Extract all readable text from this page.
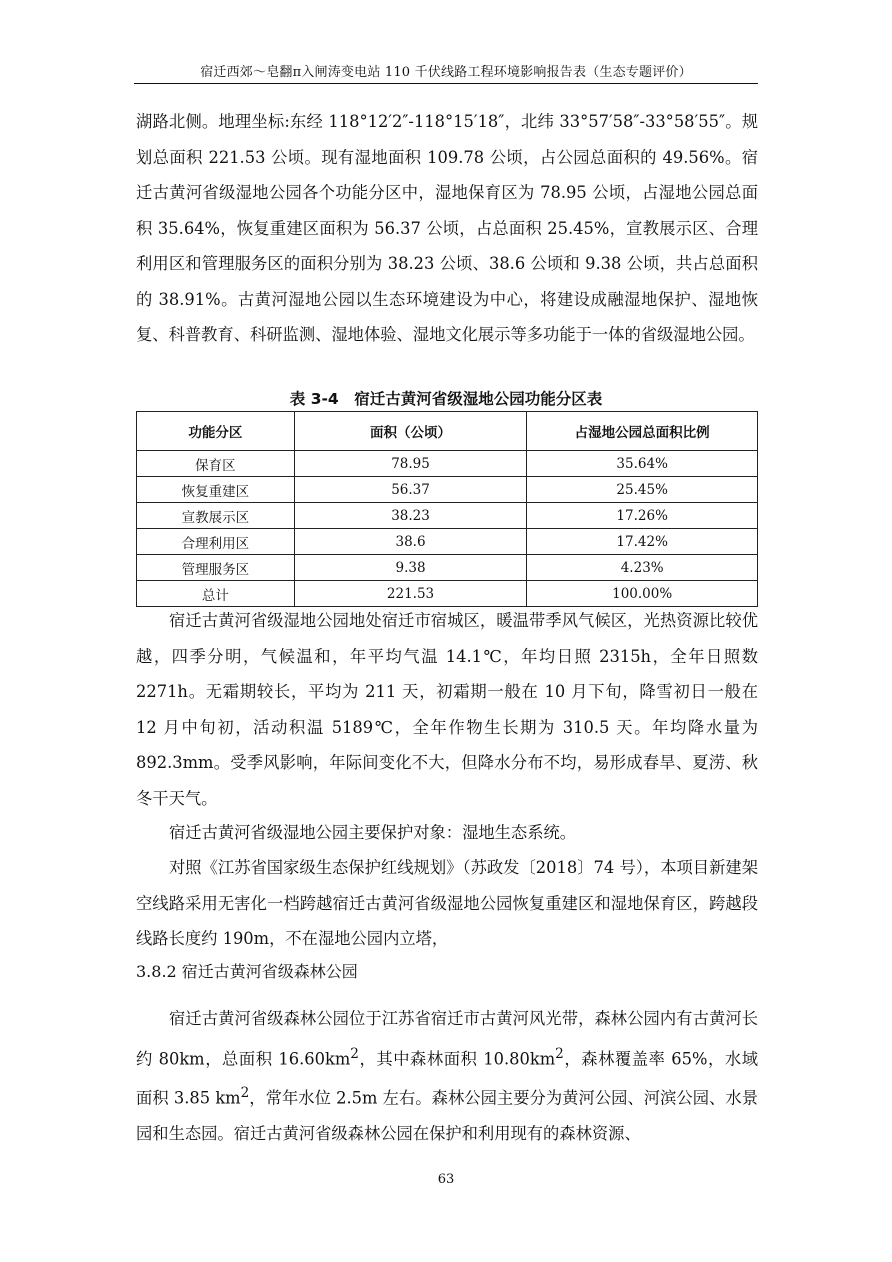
宿迁西郊～皂翻π入闸涛变电站 110 千伏线路工程环境影响报告表（生态专题评价）

湖路北侧。地理坐标:东经 118°12′2″-118°15′18″，北纬 33°57′58″-33°58′55″。规划总面积 221.53 公顷。现有湿地面积 109.78 公顷，占公园总面积的 49.56%。宿迁古黄河省级湿地公园各个功能分区中，湿地保育区为 78.95 公顷，占湿地公园总面积 35.64%，恢复重建区面积为 56.37 公顷，占总面积 25.45%，宣教展示区、合理利用区和管理服务区的面积分别为 38.23 公顷、38.6 公顷和 9.38 公顷，共占总面积的 38.91%。古黄河湿地公园以生态环境建设为中心，将建设成融湿地保护、湿地恢复、科普教育、科研监测、湿地体验、湿地文化展示等多功能于一体的省级湿地公园。

表 3-4　宿迁古黄河省级湿地公园功能分区表
功能分区	面积（公顷）	占湿地公园总面积比例
保育区	78.95	35.64%
恢复重建区	56.37	25.45%
宣教展示区	38.23	17.26%
合理利用区	38.6	17.42%
管理服务区	9.38	4.23%
总计	221.53	100.00%

宿迁古黄河省级湿地公园地处宿迁市宿城区，暖温带季风气候区，光热资源比较优越，四季分明，气候温和，年平均气温 14.1℃，年均日照 2315h，全年日照数 2271h。无霜期较长，平均为 211 天，初霜期一般在 10 月下旬，降雪初日一般在 12 月中旬初，活动积温 5189℃，全年作物生长期为 310.5 天。年均降水量为 892.3mm。受季风影响，年际间变化不大，但降水分布不均，易形成春旱、夏涝、秋冬干天气。

宿迁古黄河省级湿地公园主要保护对象：湿地生态系统。

对照《江苏省国家级生态保护红线规划》（苏政发〔2018〕74 号），本项目新建架空线路采用无害化一档跨越宿迁古黄河省级湿地公园恢复重建区和湿地保育区，跨越段线路长度约 190m，不在湿地公园内立塔，

3.8.2 宿迁古黄河省级森林公园

宿迁古黄河省级森林公园位于江苏省宿迁市古黄河风光带，森林公园内有古黄河长约 80km，总面积 $16.60km^2$，其中森林面积 $10.80km^2$，森林覆盖率 65%，水域面积 3.85 $km^2$，常年水位 2.5m 左右。森林公园主要分为黄河公园、河滨公园、水景园和生态园。宿迁古黄河省级森林公园在保护和利用现有的森林资源、

63
